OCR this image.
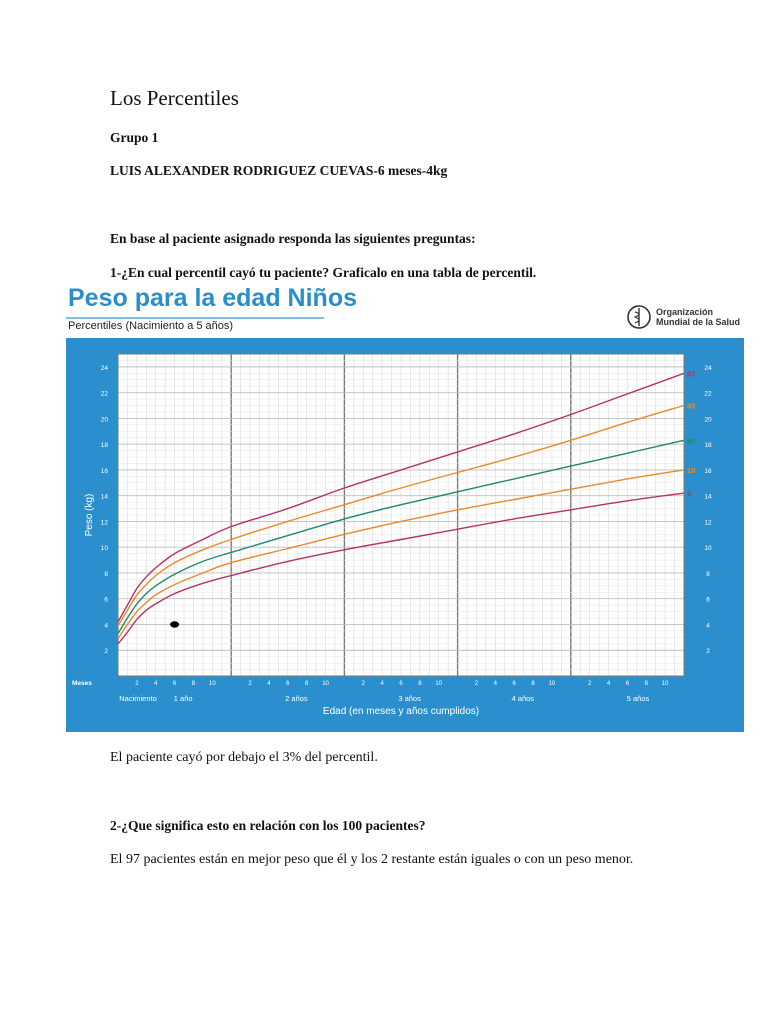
Los Percentiles
Grupo 1
LUIS ALEXANDER RODRIGUEZ CUEVAS-6 meses-4kg
En base al paciente asignado responda las siguientes preguntas:
1-¿En cual percentil cayó tu paciente? Graficalo en una tabla de percentil.
Peso para la edad Niños
Percentiles (Nacimiento a 5 años)
Organización
Mundial de la Salud
2	2
4	4
6	6
8	8
10	10
12	12
14	14
16	16
18	18
20	20
22	22
24	24
Peso (kg)
2	4	6	8 10	2	4	6	8 10	2	4	6	8 10	2	4	6	8 10	2	4	6	8 10
Meses
Nacimiento 1 año	2 años	3 años	4 años	5 años
Edad (en meses y años cumplidos)
97
85
50
15
3
El paciente cayó por debajo el 3% del percentil.
2-¿Que significa esto en relación con los 100 pacientes?
El 97 pacientes están en mejor peso que él y los 2 restante están iguales o con un peso menor.
